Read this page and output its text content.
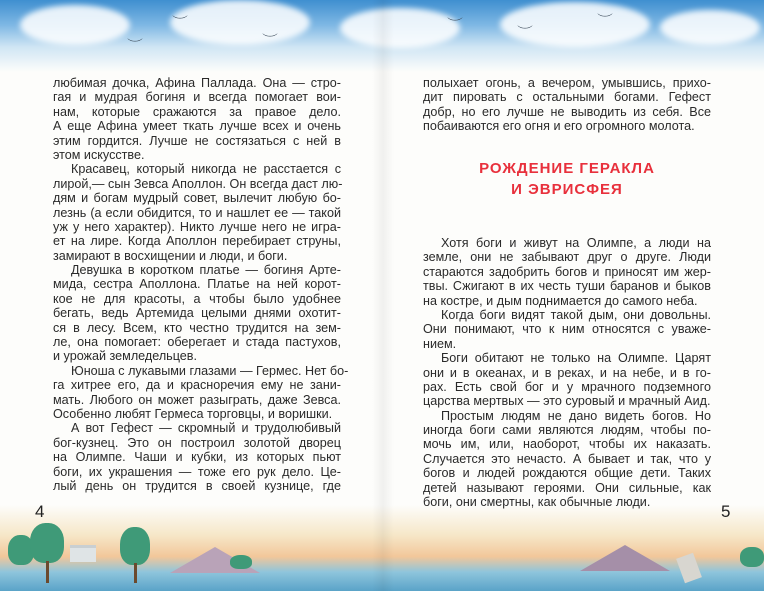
︶
︶
︶
︶
︶
︶
любимая дочка, Афина Паллада. Она — стро-
гая и мудрая богиня и всегда помогает вои-
нам, которые сражаются за правое дело.
А еще Афина умеет ткать лучше всех и очень
этим гордится. Лучше не состязаться с ней в
этом искусстве.
Красавец, который никогда не расстается с
лирой,— сын Зевса Аполлон. Он всегда даст лю-
дям и богам мудрый совет, вылечит любую бо-
лезнь (а если обидится, то и нашлет ее — такой
уж у него характер). Никто лучше него не игра-
ет на лире. Когда Аполлон перебирает струны,
замирают в восхищении и люди, и боги.
Девушка в коротком платье — богиня Арте-
мида, сестра Аполлона. Платье на ней корот-
кое не для красоты, а чтобы было удобнее
бегать, ведь Артемида целыми днями охотит-
ся в лесу. Всем, кто честно трудится на зем-
ле, она помогает: оберегает и стада пастухов,
и урожай земледельцев.
Юноша с лукавыми глазами — Гермес. Нет бо-
га хитрее его, да и красноречия ему не зани-
мать. Любого он может разыграть, даже Зевса.
Особенно любят Гермеса торговцы, и воришки.
А вот Гефест — скромный и трудолюбивый
бог-кузнец. Это он построил золотой дворец
на Олимпе. Чаши и кубки, из которых пьют
боги, их украшения — тоже его рук дело. Це-
лый день он трудится в своей кузнице, где
полыхает огонь, а вечером, умывшись, прихо-
дит пировать с остальными богами. Гефест
добр, но его лучше не выводить из себя. Все
побаиваются его огня и его огромного молота.
РОЖДЕНИЕ ГЕРАКЛА
И ЭВРИСФЕЯ
Хотя боги и живут на Олимпе, а люди на
земле, они не забывают друг о друге. Люди
стараются задобрить богов и приносят им жер-
твы. Сжигают в их честь туши баранов и быков
на костре, и дым поднимается до самого неба.
Когда боги видят такой дым, они довольны.
Они понимают, что к ним относятся с уваже-
нием.
Боги обитают не только на Олимпе. Царят
они и в океанах, и в реках, и на небе, и в го-
рах. Есть свой бог и у мрачного подземного
царства мертвых — это суровый и мрачный Аид.
Простым людям не дано видеть богов. Но
иногда боги сами являются людям, чтобы по-
мочь им, или, наоборот, чтобы их наказать.
Случается это нечасто. А бывает и так, что у
богов и людей рождаются общие дети. Таких
детей называют героями. Они сильные, как
боги, они смертны, как обычные люди.
4	5
